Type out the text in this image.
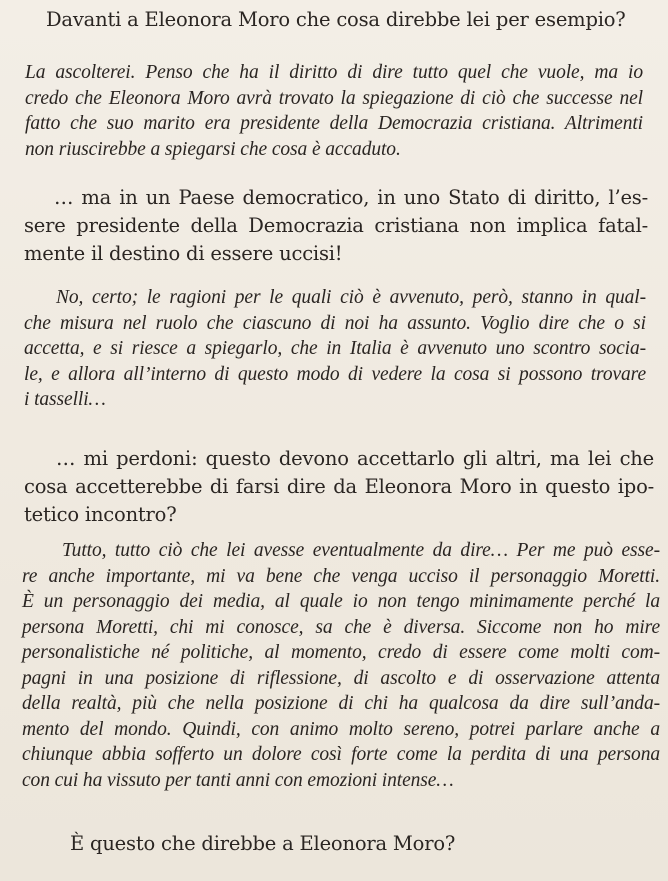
Davanti a Eleonora Moro che cosa direbbe lei per esempio?

La ascolterei. Penso che ha il diritto di dire tutto quel che vuole, ma io
credo che Eleonora Moro avrà trovato la spiegazione di ciò che successe nel
fatto che suo marito era presidente della Democrazia cristiana. Altrimenti
non riuscirebbe a spiegarsi che cosa è accaduto.

… ma in un Paese democratico, in uno Stato di diritto, l’es-
sere presidente della Democrazia cristiana non implica fatal-
mente il destino di essere uccisi!

No, certo; le ragioni per le quali ciò è avvenuto, però, stanno in qual-
che misura nel ruolo che ciascuno di noi ha assunto. Voglio dire che o si
accetta, e si riesce a spiegarlo, che in Italia è avvenuto uno scontro socia-
le, e allora all’interno di questo modo di vedere la cosa si possono trovare
i tasselli…

… mi perdoni: questo devono accettarlo gli altri, ma lei che
cosa accetterebbe di farsi dire da Eleonora Moro in questo ipo-
tetico incontro?

Tutto, tutto ciò che lei avesse eventualmente da dire… Per me può esse-
re anche importante, mi va bene che venga ucciso il personaggio Moretti.
È un personaggio dei media, al quale io non tengo minimamente perché la
persona Moretti, chi mi conosce, sa che è diversa. Siccome non ho mire
personalistiche né politiche, al momento, credo di essere come molti com-
pagni in una posizione di riflessione, di ascolto e di osservazione attenta
della realtà, più che nella posizione di chi ha qualcosa da dire sull’anda-
mento del mondo. Quindi, con animo molto sereno, potrei parlare anche a
chiunque abbia sofferto un dolore così forte come la perdita di una persona
con cui ha vissuto per tanti anni con emozioni intense…

È questo che direbbe a Eleonora Moro?
